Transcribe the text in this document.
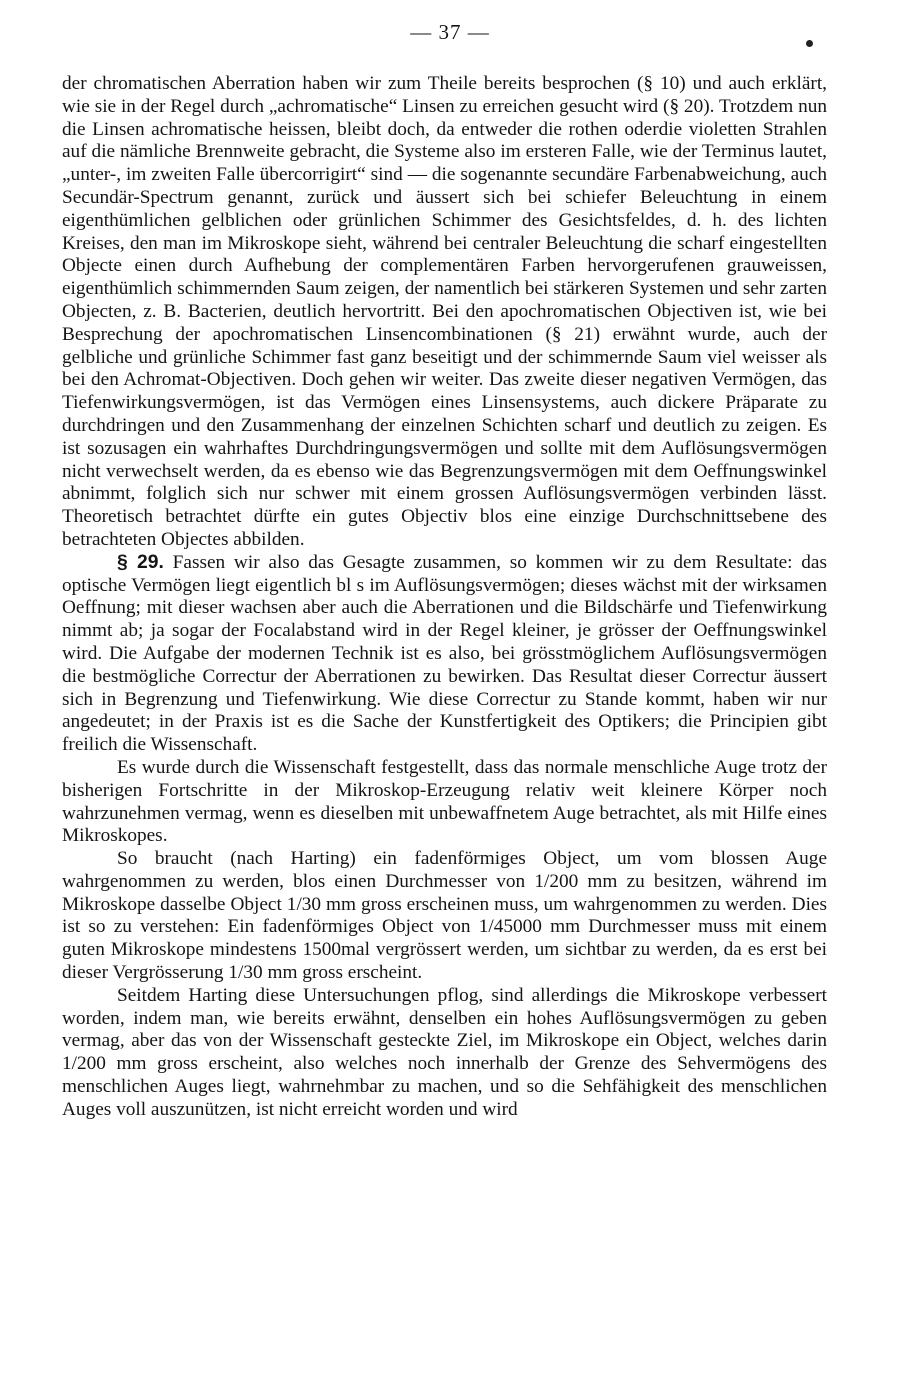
— 37 —

der chromatischen Aberration haben wir zum Theile bereits besprochen (§ 10) und auch erklärt, wie sie in der Regel durch „achromatische“ Linsen zu erreichen gesucht wird (§ 20). Trotzdem nun die Linsen achromatische heissen, bleibt doch, da entweder die rothen oderdie violetten Strahlen auf die nämliche Brennweite gebracht, die Systeme also im ersteren Falle, wie der Terminus lautet, „unter-, im zweiten Falle übercorrigirt“ sind — die sogenannte secundäre Farbenabweichung, auch Secundär-Spectrum genannt, zurück und äussert sich bei schiefer Beleuchtung in einem eigenthümlichen gelblichen oder grünlichen Schimmer des Gesichtsfeldes, d. h. des lichten Kreises, den man im Mikroskope sieht, während bei centraler Beleuchtung die scharf eingestellten Objecte einen durch Aufhebung der complementären Farben hervorgerufenen grauweissen, eigenthümlich schimmernden Saum zeigen, der namentlich bei stärkeren Systemen und sehr zarten Objecten, z. B. Bacterien, deutlich hervortritt. Bei den apochromatischen Objectiven ist, wie bei Besprechung der apochromatischen Linsencombinationen (§ 21) erwähnt wurde, auch der gelbliche und grünliche Schimmer fast ganz beseitigt und der schimmernde Saum viel weisser als bei den Achromat-Objectiven. Doch gehen wir weiter. Das zweite dieser negativen Vermögen, das Tiefenwirkungsvermögen, ist das Vermögen eines Linsensystems, auch dickere Präparate zu durchdringen und den Zusammenhang der einzelnen Schichten scharf und deutlich zu zeigen. Es ist sozusagen ein wahrhaftes Durchdringungsvermögen und sollte mit dem Auflösungsvermögen nicht verwechselt werden, da es ebenso wie das Begrenzungsvermögen mit dem Oeffnungswinkel abnimmt, folglich sich nur schwer mit einem grossen Auflösungsvermögen verbinden lässt. Theoretisch betrachtet dürfte ein gutes Objectiv blos eine einzige Durchschnittsebene des betrachteten Objectes abbilden.

§ 29. Fassen wir also das Gesagte zusammen, so kommen wir zu dem Resultate: das optische Vermögen liegt eigentlich bl s im Auflösungsvermögen; dieses wächst mit der wirksamen Oeffnung; mit dieser wachsen aber auch die Aberrationen und die Bildschärfe und Tiefenwirkung nimmt ab; ja sogar der Focalabstand wird in der Regel kleiner, je grösser der Oeffnungswinkel wird. Die Aufgabe der modernen Technik ist es also, bei grösstmöglichem Auflösungsvermögen die bestmögliche Correctur der Aberrationen zu bewirken. Das Resultat dieser Correctur äussert sich in Begrenzung und Tiefenwirkung. Wie diese Correctur zu Stande kommt, haben wir nur angedeutet; in der Praxis ist es die Sache der Kunstfertigkeit des Optikers; die Principien gibt freilich die Wissenschaft.

Es wurde durch die Wissenschaft festgestellt, dass das normale menschliche Auge trotz der bisherigen Fortschritte in der Mikroskop-Erzeugung relativ weit kleinere Körper noch wahrzunehmen vermag, wenn es dieselben mit unbewaffnetem Auge betrachtet, als mit Hilfe eines Mikroskopes.

So braucht (nach Harting) ein fadenförmiges Object, um vom blossen Auge wahrgenommen zu werden, blos einen Durchmesser von 1/200 mm zu besitzen, während im Mikroskope dasselbe Object 1/30 mm gross erscheinen muss, um wahrgenommen zu werden. Dies ist so zu verstehen: Ein fadenförmiges Object von 1/45000 mm Durchmesser muss mit einem guten Mikroskope mindestens 1500mal vergrössert werden, um sichtbar zu werden, da es erst bei dieser Vergrösserung 1/30 mm gross erscheint.

Seitdem Harting diese Untersuchungen pflog, sind allerdings die Mikroskope verbessert worden, indem man, wie bereits erwähnt, denselben ein hohes Auflösungsvermögen zu geben vermag, aber das von der Wissenschaft gesteckte Ziel, im Mikroskope ein Object, welches darin 1/200 mm gross erscheint, also welches noch innerhalb der Grenze des Sehvermögens des menschlichen Auges liegt, wahrnehmbar zu machen, und so die Sehfähigkeit des menschlichen Auges voll auszunützen, ist nicht erreicht worden und wird
